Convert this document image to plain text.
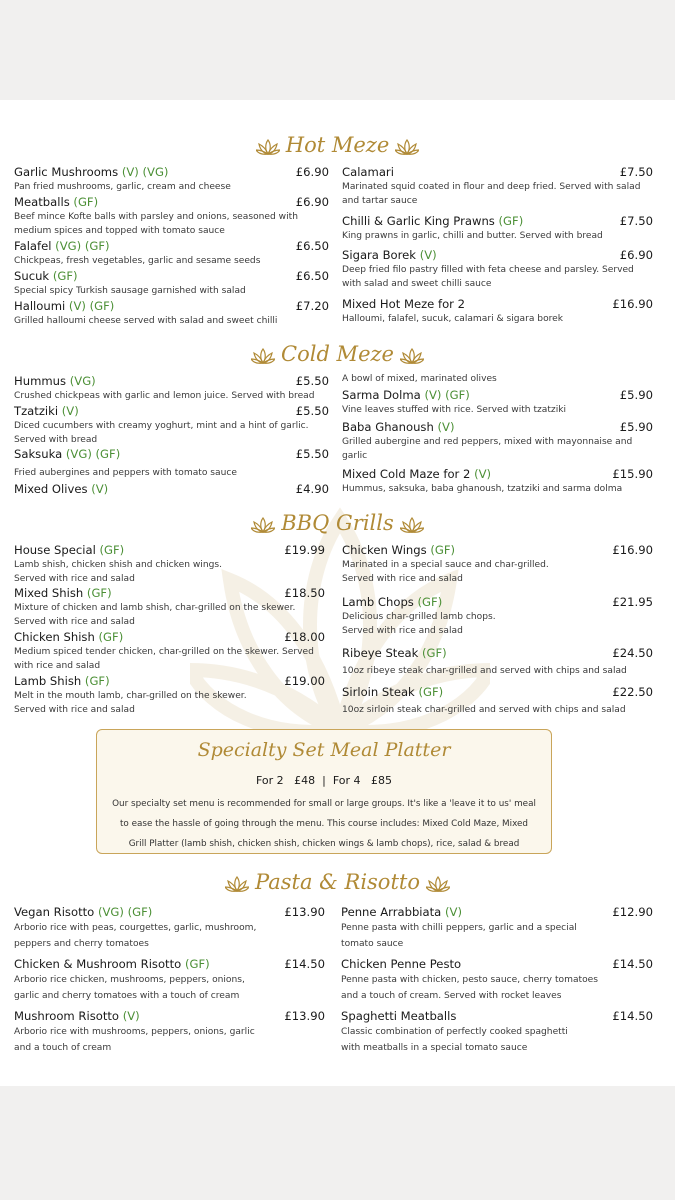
Hot Meze
Cold Meze
BBQ Grills
Pasta & Risotto
Garlic Mushrooms (V) (VG)	£6.90
Pan fried mushrooms, garlic, cream and cheese
Meatballs (GF)	£6.90
Beef mince Kofte balls with parsley and onions, seasoned with medium spices and topped with tomato sauce
Falafel (VG) (GF)	£6.50
Chickpeas, fresh vegetables, garlic and sesame seeds
Sucuk (GF)	£6.50
Special spicy Turkish sausage garnished with salad
Halloumi (V) (GF)	£7.20
Grilled halloumi cheese served with salad and sweet chilli
Calamari	£7.50
Marinated squid coated in flour and deep fried. Served with salad and tartar sauce
Chilli & Garlic King Prawns (GF)	£7.50
King prawns in garlic, chilli and butter. Served with bread
Sigara Borek (V)	£6.90
Deep fried filo pastry filled with feta cheese and parsley. Served with salad and sweet chilli sauce
Mixed Hot Meze for 2	£16.90
Halloumi, falafel, sucuk, calamari & sigara borek
Hummus (VG)	£5.50
Crushed chickpeas with garlic and lemon juice. Served with bread
Tzatziki (V)	£5.50
Diced cucumbers with creamy yoghurt, mint and a hint of garlic. Served with bread
Saksuka (VG) (GF)	£5.50
Fried aubergines and peppers with tomato sauce
Mixed Olives (V)	£4.90
A bowl of mixed, marinated olives
Sarma Dolma (V) (GF)	£5.90
Vine leaves stuffed with rice. Served with tzatziki
Baba Ghanoush (V)	£5.90
Grilled aubergine and red peppers, mixed with mayonnaise and garlic
Mixed Cold Maze for 2 (V)	£15.90
Hummus, saksuka, baba ghanoush, tzatziki and sarma dolma
House Special (GF)	£19.99
Lamb shish, chicken shish and chicken wings. Served with rice and salad
Mixed Shish (GF)	£18.50
Mixture of chicken and lamb shish, char-grilled on the skewer. Served with rice and salad
Chicken Shish (GF)	£18.00
Medium spiced tender chicken, char-grilled on the skewer. Served with rice and salad
Lamb Shish (GF)	£19.00
Melt in the mouth lamb, char-grilled on the skewer. Served with rice and salad
Chicken Wings (GF)	£16.90
Marinated in a special sauce and char-grilled. Served with rice and salad
Lamb Chops (GF)	£21.95
Delicious char-grilled lamb chops. Served with rice and salad
Ribeye Steak (GF)	£24.50
10oz ribeye steak char-grilled and served with chips and salad
Sirloin Steak (GF)	£22.50
10oz sirloin steak char-grilled and served with chips and salad
Specialty Set Meal Platter
For 2   £48  |  For 4   £85
Our specialty set menu is recommended for small or large groups. It's like a 'leave it to us' meal to ease the hassle of going through the menu. This course includes: Mixed Cold Maze, Mixed Grill Platter (lamb shish, chicken shish, chicken wings & lamb chops), rice, salad & bread
Vegan Risotto (VG) (GF)	£13.90
Arborio rice with peas, courgettes, garlic, mushroom, peppers and cherry tomatoes
Chicken & Mushroom Risotto (GF)	£14.50
Arborio rice chicken, mushrooms, peppers, onions, garlic and cherry tomatoes with a touch of cream
Mushroom Risotto (V)	£13.90
Arborio rice with mushrooms, peppers, onions, garlic and a touch of cream
Penne Arrabbiata (V)	£12.90
Penne pasta with chilli peppers, garlic and a special tomato sauce
Chicken Penne Pesto	£14.50
Penne pasta with chicken, pesto sauce, cherry tomatoes and a touch of cream. Served with rocket leaves
Spaghetti Meatballs	£14.50
Classic combination of perfectly cooked spaghetti with meatballs in a special tomato sauce
